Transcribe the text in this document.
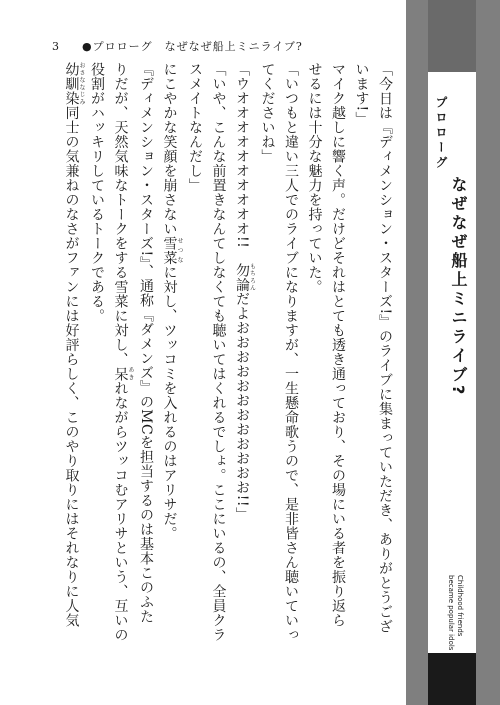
3 ●プロローグ　なぜなぜ船上ミニライブ?
「今日は『ディメンション・スターズ!』のライブに集まっていただき、ありがとうござ
います!」
マイク越しに響く声。だけどそれはとても透き通っており、その場にいる者を振り返ら
せるには十分な魅力を持っていた。
「いつもと違い三人でのライブになりますが、一生懸命歌うので、是非皆さん聴いていっ
てくださいね」
「ウオオオオオオオオオオ!!　勿論もちろんだよおおおおおおおおおおおお!!」
「いや、こんな前置きなんてしなくても聴いてはくれるでしょ。ここにいるの、全員クラ
スメイトなんだし」
にこやかな笑顔を崩さない雪菜せつなに対し、ツッコミを入れるのはアリサだ。
『ディメンション・スターズ!』、通称『ダメンズ』のMCを担当するのは基本このふた
りだが、天然気味なトークをする雪菜に対し、呆あきれながらツッコむアリサという、互いの
役割がハッキリしているトークである。
幼馴染おさななじみ同士の気兼ねのなさがファンには好評らしく、このやり取りにはそれなりに人気	プロローグ
なぜなぜ船上ミニライブ?
Childhood friends
became popular idols
